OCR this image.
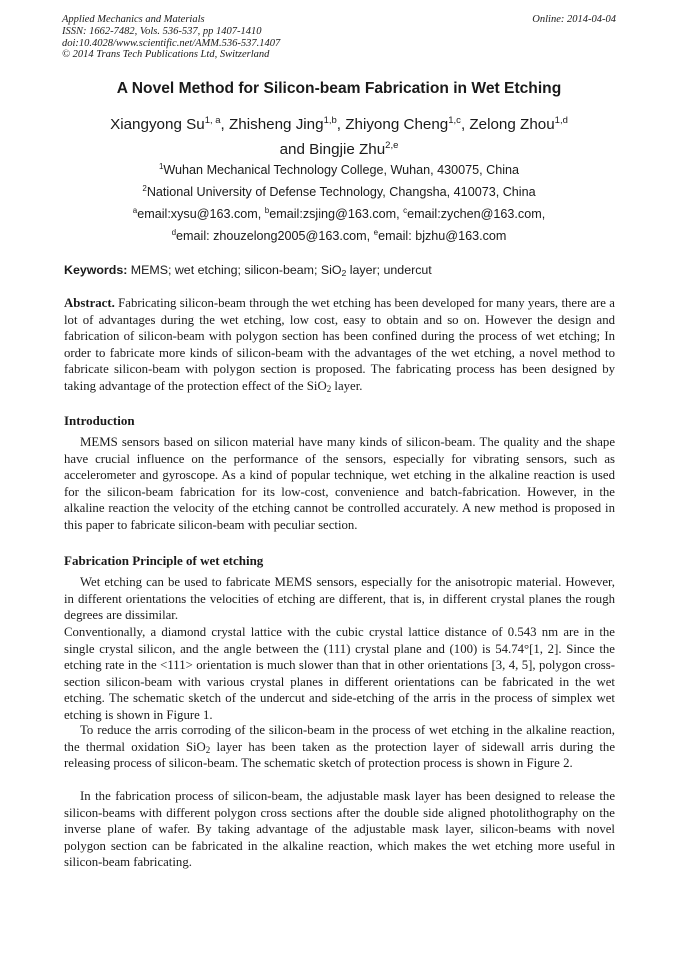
Applied Mechanics and Materials
ISSN: 1662-7482, Vols. 536-537, pp 1407-1410
doi:10.4028/www.scientific.net/AMM.536-537.1407
© 2014 Trans Tech Publications Ltd, Switzerland
Online: 2014-04-04
A Novel Method for Silicon-beam Fabrication in Wet Etching
Xiangyong Su$^{1, a}$, Zhisheng Jing$^{1,b}$, Zhiyong Cheng$^{1,c}$, Zelong Zhou$^{1,d}$
and Bingjie Zhu$^{2,e}$
$^1$Wuhan Mechanical Technology College, Wuhan, 430075, China
$^2$National University of Defense Technology, Changsha, 410073, China
$^a$email:xysu@163.com, $^b$email:zsjing@163.com, $^c$email:zychen@163.com,
$^d$email: zhouzelong2005@163.com, $^e$email: bjzhu@163.com
Keywords: MEMS; wet etching; silicon-beam; SiO$_2$ layer; undercut

Abstract. Fabricating silicon-beam through the wet etching has been developed for many years, there are a lot of advantages during the wet etching, low cost, easy to obtain and so on. However the design and fabrication of silicon-beam with polygon section has been confined during the process of wet etching; In order to fabricate more kinds of silicon-beam with the advantages of the wet etching, a novel method to fabricate silicon-beam with polygon section is proposed. The fabricating process has been designed by taking advantage of the protection effect of the SiO$_2$ layer.

Introduction

MEMS sensors based on silicon material have many kinds of silicon-beam. The quality and the shape have crucial influence on the performance of the sensors, especially for vibrating sensors, such as accelerometer and gyroscope. As a kind of popular technique, wet etching in the alkaline reaction is used for the silicon-beam fabrication for its low-cost, convenience and batch-fabrication. However, in the alkaline reaction the velocity of the etching cannot be controlled accurately. A new method is proposed in this paper to fabricate silicon-beam with peculiar section.

Fabrication Principle of wet etching

Wet etching can be used to fabricate MEMS sensors, especially for the anisotropic material. However, in different orientations the velocities of etching are different, that is, in different crystal planes the rough degrees are dissimilar.

Conventionally, a diamond crystal lattice with the cubic crystal lattice distance of 0.543 nm are in the single crystal silicon, and the angle between the (111) crystal plane and (100) is 54.74°[1, 2]. Since the etching rate in the <111> orientation is much slower than that in other orientations [3, 4, 5], polygon cross-section silicon-beam with various crystal planes in different orientations can be fabricated in the wet etching. The schematic sketch of the undercut and side-etching of the arris in the process of simplex wet etching is shown in Figure 1.

To reduce the arris corroding of the silicon-beam in the process of wet etching in the alkaline reaction, the thermal oxidation SiO$_2$ layer has been taken as the protection layer of sidewall arris during the releasing process of silicon-beam. The schematic sketch of protection process is shown in Figure 2.

In the fabrication process of silicon-beam, the adjustable mask layer has been designed to release the silicon-beams with different polygon cross sections after the double side aligned photolithography on the inverse plane of wafer. By taking advantage of the adjustable mask layer, silicon-beams with novel polygon section can be fabricated in the alkaline reaction, which makes the wet etching more useful in silicon-beam fabricating.
